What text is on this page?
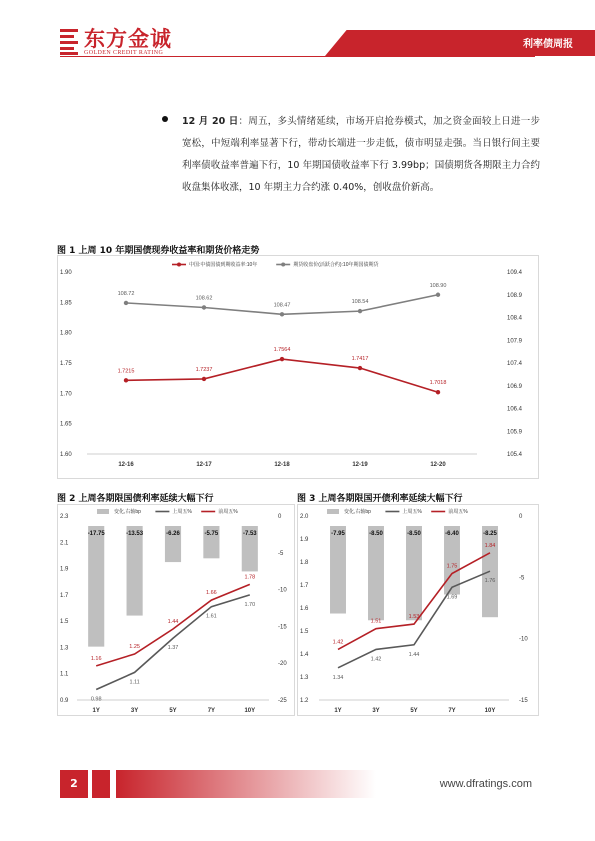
东方金诚
GOLDEN CREDIT RATING
利率债周报
12 月 20 日：周五，多头情绪延续，市场开启抢券模式，加之资金面较上日进一步宽松，中短端利率显著下行，带动长端进一步走低，债市明显走强。当日银行间主要利率债收益率普遍下行，10 年期国债收益率下行 3.99bp；国债期货各期限主力合约收盘集体收涨，10 年期主力合约涨 0.40%，创收盘价新高。
图 1 上周 10 年期国债现券收益率和期货价格走势
图 2 上周各期限国债利率延续大幅下行	图 3 上周各期限国开债利率延续大幅下行
1.90
1.85
1.80
1.75
1.70
1.65
1.60
109.4
108.9
108.4
107.9
107.4
106.9
106.4
105.9
105.4
12-16	12-17	12-18	12-19	12-20
1.7215	1.7237
1.7564
1.7417
1.7018
108.72
108.62
108.47
108.54
108.90
中国:中债国债到期收益率:10年	期货收盘价(活跃合约):10年期国债期货
2.3
2.1
1.9
1.7
1.5
1.3
1.1
0.9
0
-5
-10
-15
-20
-25
1Y	3Y	5Y	7Y	10Y
-17.75	-13.53	-6.26	-5.75	-7.53
0.98
1.11
1.37
1.61
1.70
1.16
1.25
1.44
1.66
1.78
变化,右轴bp	上周五%	前周五%
2.0
1.9
1.8
1.7
1.6
1.5
1.4
1.3
1.2
0
-5
-10
-15
1Y	3Y	5Y	7Y	10Y
-7.95	-8.50	-8.50	-6.40	-8.25
1.34
1.42
1.44
1.69
1.76
1.42
1.51
1.53
1.75
1.84
变化,右轴bp	上周五%	前周五%
2	www.dfratings.com
